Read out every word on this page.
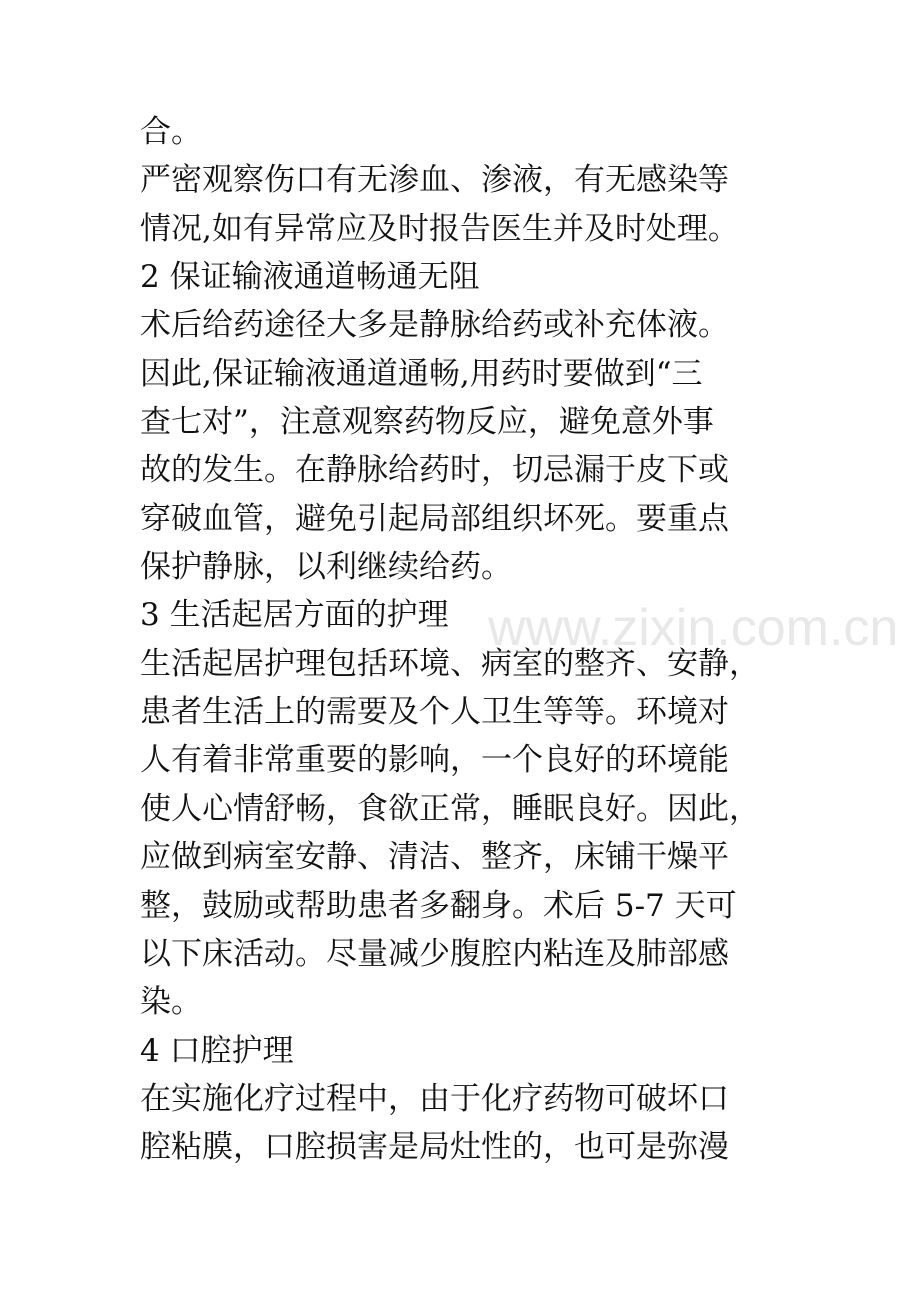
合。
严密观察伤口有无渗血、渗液，有无感染等
情况,如有异常应及时报告医生并及时处理。
2 保证输液通道畅通无阻
术后给药途径大多是静脉给药或补充体液。
因此,保证输液通道通畅,用药时要做到“三
查七对”，注意观察药物反应，避免意外事
故的发生。在静脉给药时，切忌漏于皮下或
穿破血管，避免引起局部组织坏死。要重点
保护静脉，以利继续给药。
3 生活起居方面的护理
生活起居护理包括环境、病室的整齐、安静，
患者生活上的需要及个人卫生等等。环境对
人有着非常重要的影响，一个良好的环境能
使人心情舒畅，食欲正常，睡眠良好。因此，
应做到病室安静、清洁、整齐，床铺干燥平
整，鼓励或帮助患者多翻身。术后 5-7 天可
以下床活动。尽量减少腹腔内粘连及肺部感
染。
4 口腔护理
在实施化疗过程中，由于化疗药物可破坏口
腔粘膜，口腔损害是局灶性的，也可是弥漫
www.zixin.com.cn
